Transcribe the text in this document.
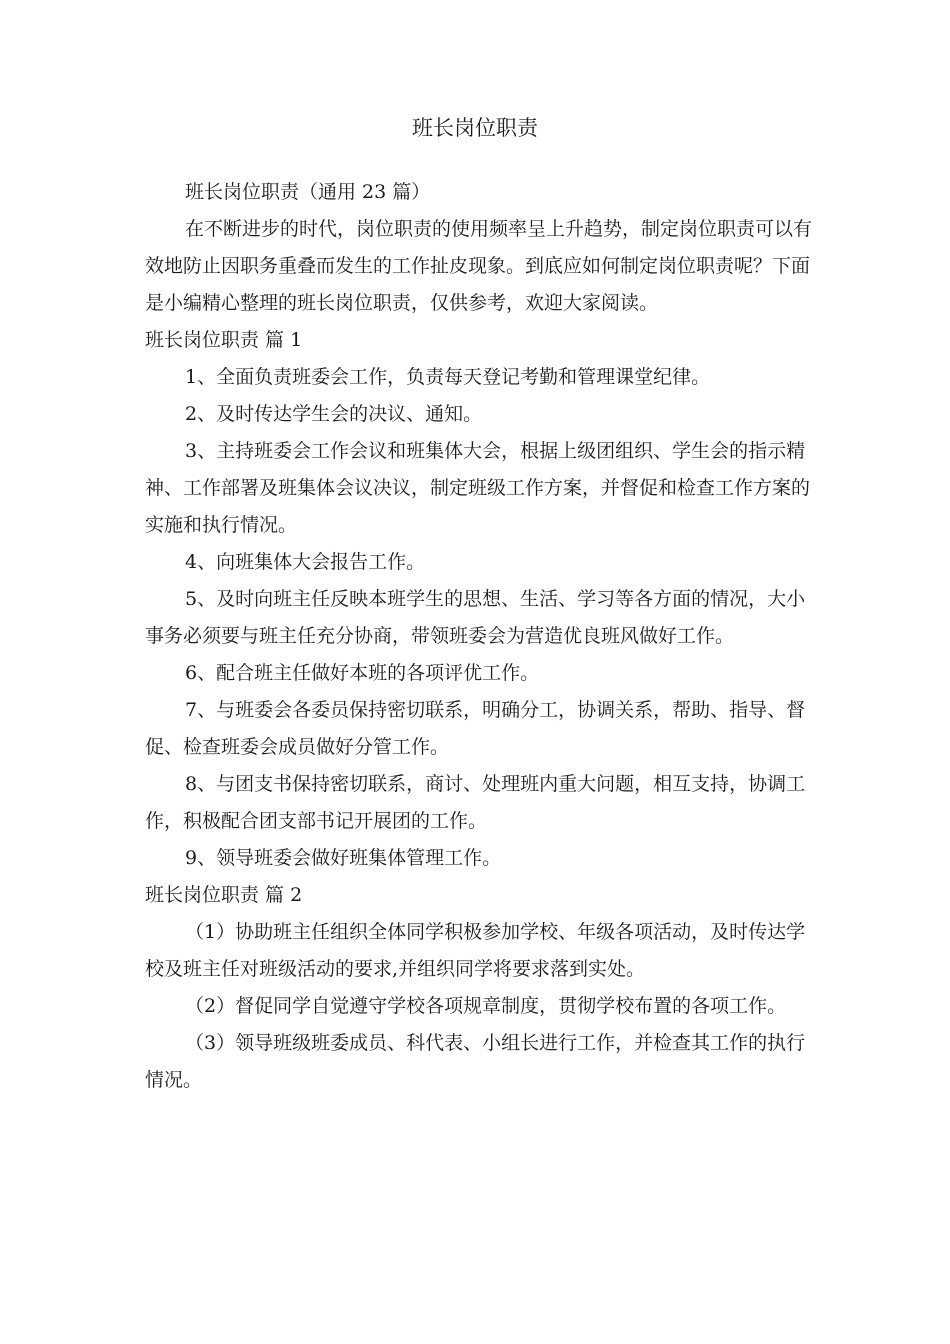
班长岗位职责

班长岗位职责（通用 23 篇）

在不断进步的时代，岗位职责的使用频率呈上升趋势，制定岗位职责可以有效地防止因职务重叠而发生的工作扯皮现象。到底应如何制定岗位职责呢？下面是小编精心整理的班长岗位职责，仅供参考，欢迎大家阅读。

班长岗位职责 篇 1

1、全面负责班委会工作，负责每天登记考勤和管理课堂纪律。

2、及时传达学生会的决议、通知。

3、主持班委会工作会议和班集体大会，根据上级团组织、学生会的指示精神、工作部署及班集体会议决议，制定班级工作方案，并督促和检查工作方案的实施和执行情况。

4、向班集体大会报告工作。

5、及时向班主任反映本班学生的思想、生活、学习等各方面的情况，大小事务必须要与班主任充分协商，带领班委会为营造优良班风做好工作。

6、配合班主任做好本班的各项评优工作。

7、与班委会各委员保持密切联系，明确分工，协调关系，帮助、指导、督促、检查班委会成员做好分管工作。

8、与团支书保持密切联系，商讨、处理班内重大问题，相互支持，协调工作，积极配合团支部书记开展团的工作。

9、领导班委会做好班集体管理工作。

班长岗位职责 篇 2

（1）协助班主任组织全体同学积极参加学校、年级各项活动，及时传达学校及班主任对班级活动的要求,并组织同学将要求落到实处。

（2）督促同学自觉遵守学校各项规章制度，贯彻学校布置的各项工作。

（3）领导班级班委成员、科代表、小组长进行工作，并检查其工作的执行情况。
